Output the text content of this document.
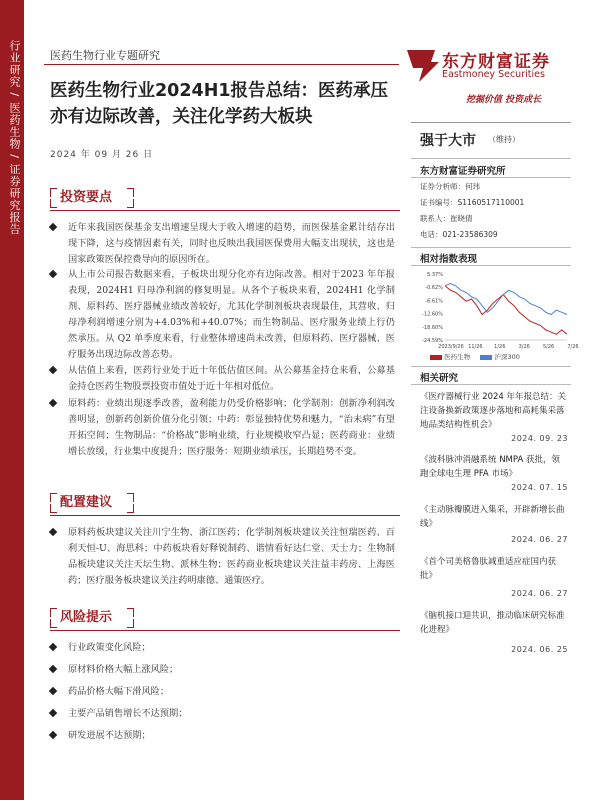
行业研究 / 医药生物 / 证券研究报告	医药生物行业专题研究
医药生物行业2024H1报告总结：医药承压亦有边际改善，关注化学药大板块
2024 年 09 月 26 日
投资要点
近年来我国医保基金支出增速呈现大于收入增速的趋势，而医保基金累计结存出现下降，这与疫情因素有关，同时也反映出我国医保费用大幅支出现状，这也是国家政策医保控费导向的原因所在。
从上市公司报告数据来看，子板块出现分化亦有边际改善。相对于2023 年年报表现，2024H1 归母净利润的修复明显。从各个子板块来看，2024H1 化学制剂、原料药、医疗器械业绩改善较好，尤其化学制剂板块表现最佳，其营收、归母净利润增速分别为+4.03%和+40.07%；而生物制品、医疗服务业绩上行仍然承压。从 Q2 单季度来看，行业整体增速尚未改善，但原料药、医疗器械、医疗服务出现边际改善态势。
从估值上来看，医药行业处于近十年低估值区间。从公募基金持仓来看，公募基金持仓医药生物股票投资市值处于近十年相对低位。
原料药：业绩出现逐季改善，盈利能力仍受价格影响；化学制剂：创新净利润改善明显，创新药创新价值分化引领；中药：彰显独特优势和魅力，“治未病”有望开拓空间；生物制品：“价格战”影响业绩，行业规模收窄凸显；医药商业：业绩增长放缓，行业集中度提升；医疗服务：短期业绩承压，长期趋势不变。
配置建议
原料药板块建议关注川宁生物、浙江医药；化学制剂板块建议关注恒瑞医药、百利天恒-U、海思科；中药板块看好释锐制药、谐情看好达仁堂、天士力；生物制品板块建议关注天坛生物、派林生物；医药商业板块建议关注益丰药房、上海医药；医疗服务板块建议关注药明康德、通策医疗。
风险提示
行业政策变化风险；
原材料价格大幅上涨风险；
药品价格大幅下滑风险；
主要产品销售增长不达预期；
研发进展不达预期；
东方财富证券
Eastmoney Securities
挖掘价值 投资成长
强于大市 （维持）
东方财富证券研究所
证券分析师：何玮
证书编号：S1160517110001
联系人：崔晓倩
电话：021-23586309
相对指数表现
5.37%
-0.62%
-6.61%
-12.60%
-18.60%
-24.59%
2023/9/26 11/26 1/26	3/26	5/26	7/26
医药生物	沪深300
相关研究
《医疗器械行业 2024 年年报总结：关注设备换新政策逐步落地和高耗集采落地品类结构性机会》
2024. 09. 23
《波科脉冲消融系统 NMPA 获批，领跑全球电生理 PFA 市场》
2024. 07. 15
《主动脉瓣膜进入集采，开辟新增长曲线》
2024. 06. 27
《首个司美格鲁肽减重适应症国内获批》
2024. 06. 27
《脑机接口迎共识，推动临床研究标准化进程》
2024. 06. 25
